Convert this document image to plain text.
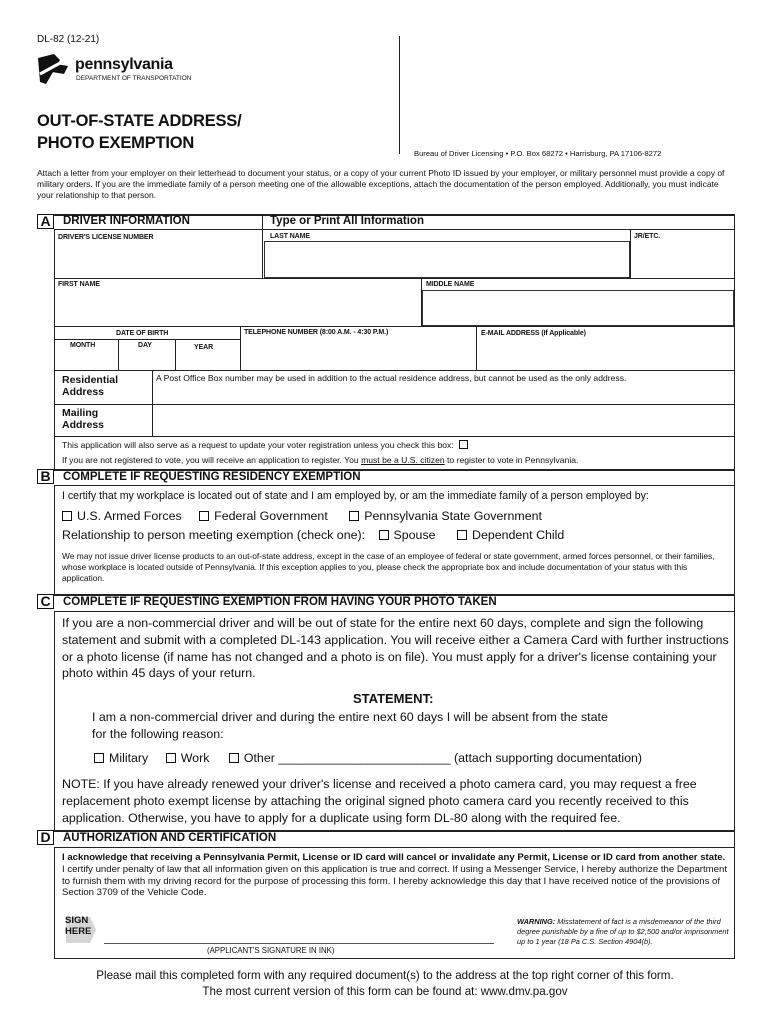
DL-82 (12-21)
pennsylvania
DEPARTMENT OF TRANSPORTATION
OUT-OF-STATE ADDRESS/
PHOTO EXEMPTION
Bureau of Driver Licensing • P.O. Box 68272 • Harrisburg, PA 17106-8272
Attach a letter from your employer on their letterhead to document your status, or a copy of your current Photo ID issued by your employer, or military personnel must provide a copy of military orders. If you are the immediate family of a person meeting one of the allowable exceptions, attach the documentation of the person employed. Additionally, you must indicate your relationship to that person.
A DRIVER INFORMATION	Type or Print All Information
DRIVER'S LICENSE NUMBER	LAST NAME	JR/ETC.
FIRST NAME	MIDDLE NAME
DATE OF BIRTH
MONTH	DAY	YEAR
TELEPHONE NUMBER (8:00 A.M. - 4:30 P.M.)	E-MAIL ADDRESS (If Applicable)
Residential
Address
A Post Office Box number may be used in addition to the actual residence address, but cannot be used as the only address.
Mailing
Address
This application will also serve as a request to update your voter registration unless you check this box:
If you are not registered to vote, you will receive an application to register. You must be a U.S. citizen to register to vote in Pennsylvania.
B COMPLETE IF REQUESTING RESIDENCY EXEMPTION
I certify that my workplace is located out of state and I am employed by, or am the immediate family of a person employed by:
U.S. Armed Forces	Federal Government	Pennsylvania State Government
Relationship to person meeting exemption (check one): Spouse	Dependent Child
We may not issue driver license products to an out-of-state address, except in the case of an employee of federal or state government, armed forces personnel, or their families, whose workplace is located outside of Pennsylvania. If this exception applies to you, please check the appropriate box and include documentation of your status with this application.
C COMPLETE IF REQUESTING EXEMPTION FROM HAVING YOUR PHOTO TAKEN
If you are a non-commercial driver and will be out of state for the entire next 60 days, complete and sign the following statement and submit with a completed DL-143 application. You will receive either a Camera Card with further instructions or a photo license (if name has not changed and a photo is on file). You must apply for a driver's license containing your photo within 45 days of your return.
STATEMENT:
I am a non-commercial driver and during the entire next 60 days I will be absent from the state
for the following reason:
Military	Work	Other _________________________ (attach supporting documentation)
NOTE: If you have already renewed your driver's license and received a photo camera card, you may request a free replacement photo exempt license by attaching the original signed photo camera card you recently received to this application. Otherwise, you have to apply for a duplicate using form DL-80 along with the required fee.
D AUTHORIZATION AND CERTIFICATION
I acknowledge that receiving a Pennsylvania Permit, License or ID card will cancel or invalidate any Permit, License or ID card from another state. I certify under penalty of law that all information given on this application is true and correct. If using a Messenger Service, I hereby authorize the Department to furnish them with my driving record for the purpose of processing this form. I hereby acknowledge this day that I have received notice of the provisions of Section 3709 of the Vehicle Code.
SIGN
HERE
(APPLICANT'S SIGNATURE IN INK)
WARNING: Misstatement of fact is a misdemeanor of the third degree punishable by a fine of up to $2,500 and/or imprisonment up to 1 year (18 Pa C.S. Section 4904(b).
Please mail this completed form with any required document(s) to the address at the top right corner of this form.
The most current version of this form can be found at: www.dmv.pa.gov
